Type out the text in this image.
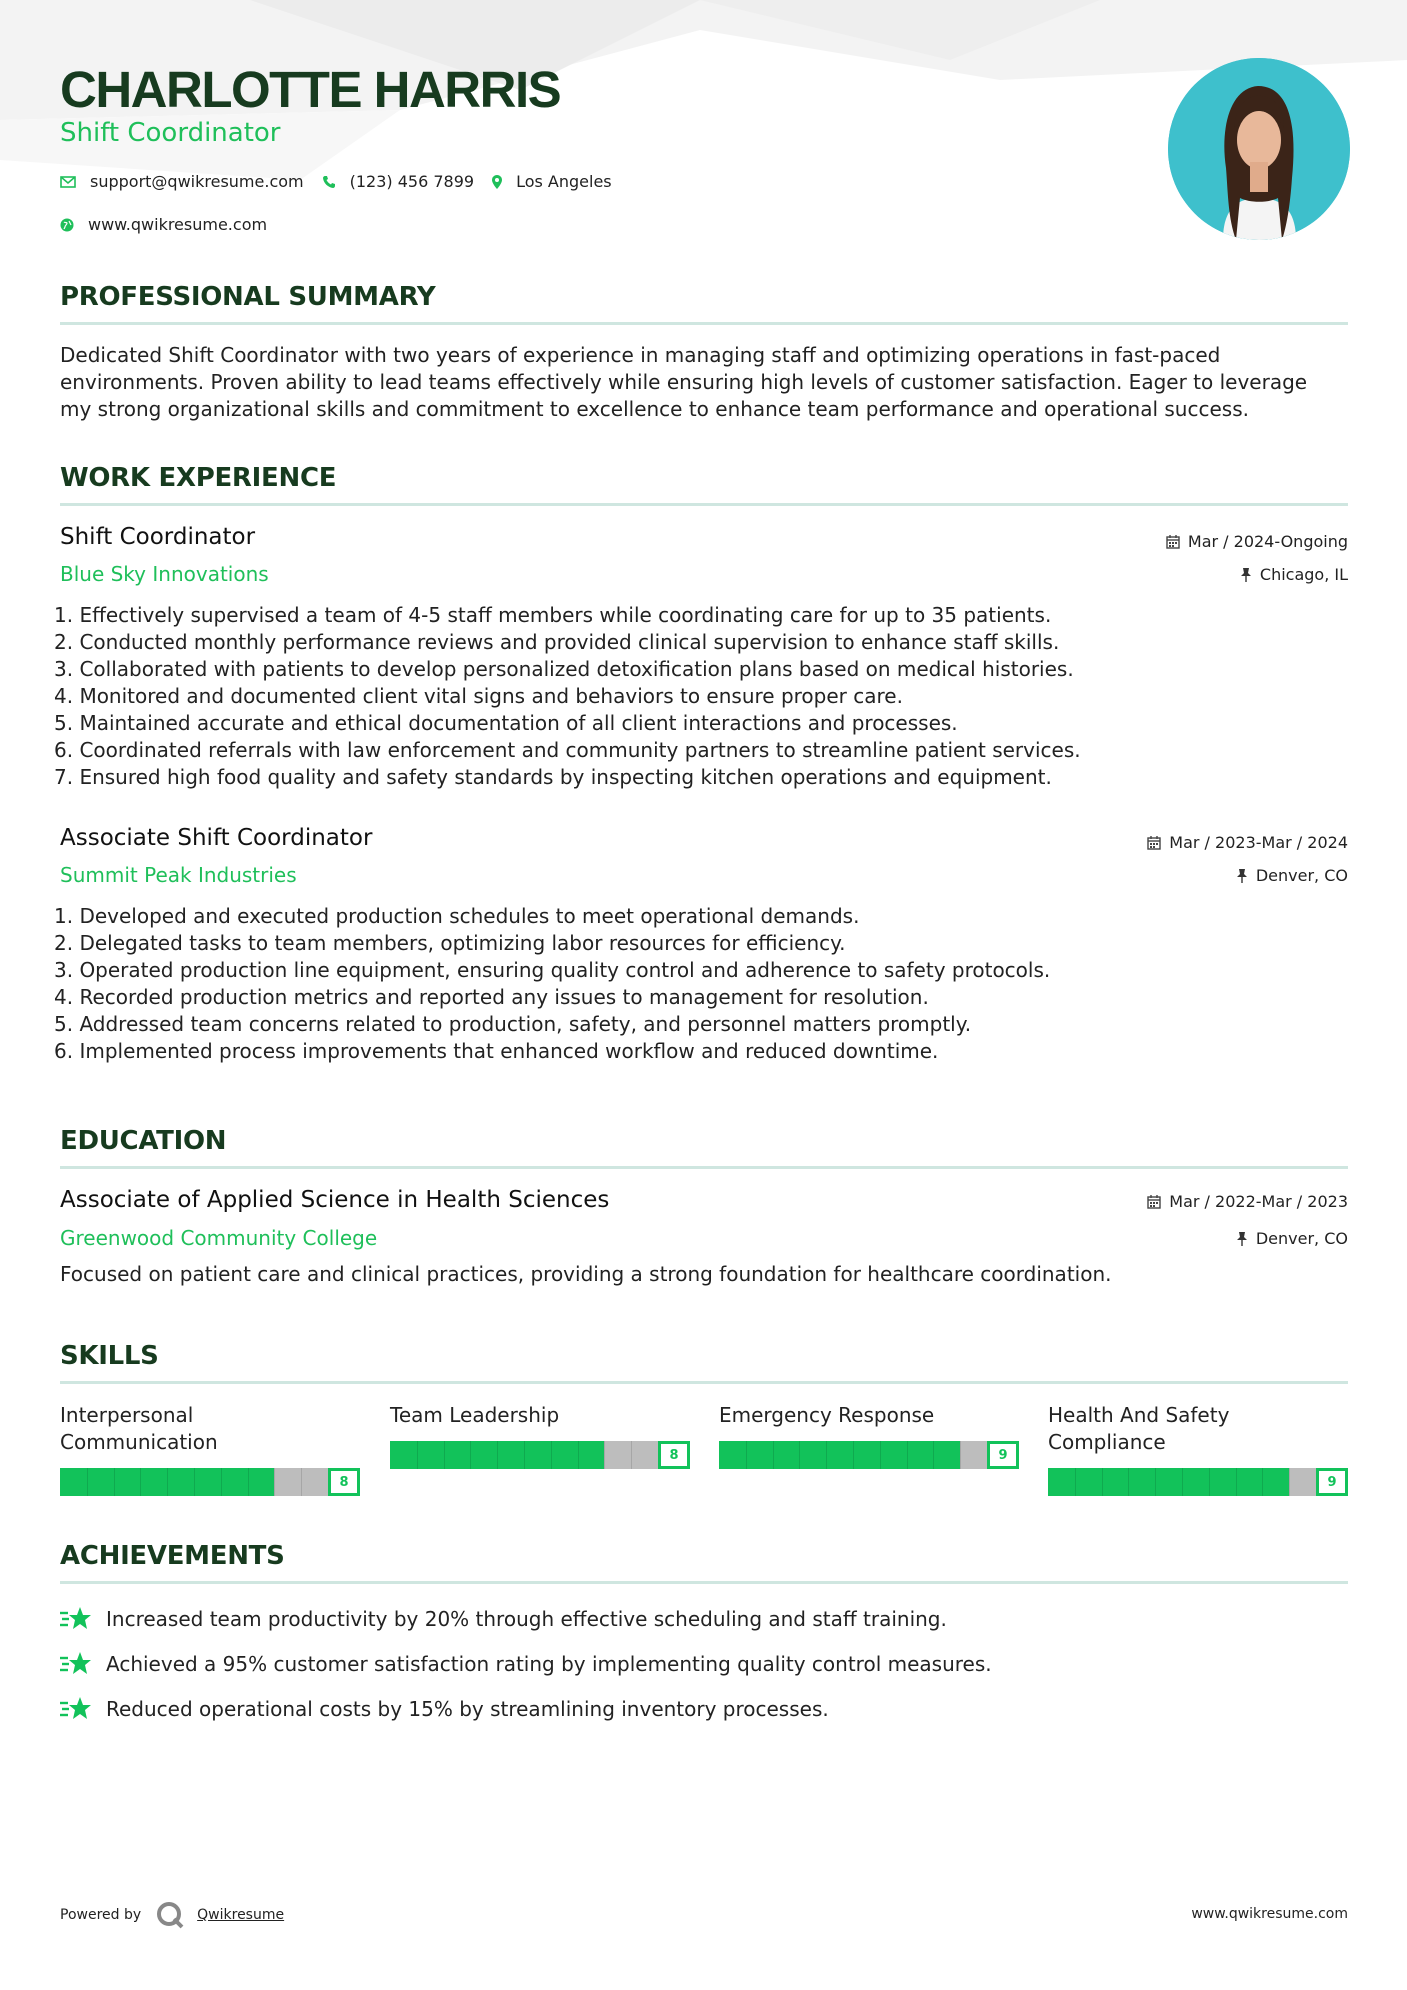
CHARLOTTE HARRIS
Shift Coordinator
support@qwikresume.com	(123) 456 7899	Los Angeles
www.qwikresume.com
PROFESSIONAL SUMMARY
Dedicated Shift Coordinator with two years of experience in managing staff and optimizing operations in fast-paced
environments. Proven ability to lead teams effectively while ensuring high levels of customer satisfaction. Eager to leverage
my strong organizational skills and commitment to excellence to enhance team performance and operational success.
WORK EXPERIENCE
Shift Coordinator
Blue Sky Innovations
Mar / 2024-Ongoing
Chicago, IL
1. Effectively supervised a team of 4-5 staff members while coordinating care for up to 35 patients.
2. Conducted monthly performance reviews and provided clinical supervision to enhance staff skills.
3. Collaborated with patients to develop personalized detoxification plans based on medical histories.
4. Monitored and documented client vital signs and behaviors to ensure proper care.
5. Maintained accurate and ethical documentation of all client interactions and processes.
6. Coordinated referrals with law enforcement and community partners to streamline patient services.
7. Ensured high food quality and safety standards by inspecting kitchen operations and equipment.
Associate Shift Coordinator
Summit Peak Industries
Mar / 2023-Mar / 2024
Denver, CO
1. Developed and executed production schedules to meet operational demands.
2. Delegated tasks to team members, optimizing labor resources for efficiency.
3. Operated production line equipment, ensuring quality control and adherence to safety protocols.
4. Recorded production metrics and reported any issues to management for resolution.
5. Addressed team concerns related to production, safety, and personnel matters promptly.
6. Implemented process improvements that enhanced workflow and reduced downtime.
EDUCATION
Associate of Applied Science in Health Sciences
Greenwood Community College
Mar / 2022-Mar / 2023
Denver, CO
Focused on patient care and clinical practices, providing a strong foundation for healthcare coordination.
SKILLS
Interpersonal
Communication
8
Team Leadership
8
Emergency Response
9
Health And Safety
Compliance
9
ACHIEVEMENTS
Increased team productivity by 20% through effective scheduling and staff training.
Achieved a 95% customer satisfaction rating by implementing quality control measures.
Reduced operational costs by 15% by streamlining inventory processes.
Powered by	Qwikresume	www.qwikresume.com
